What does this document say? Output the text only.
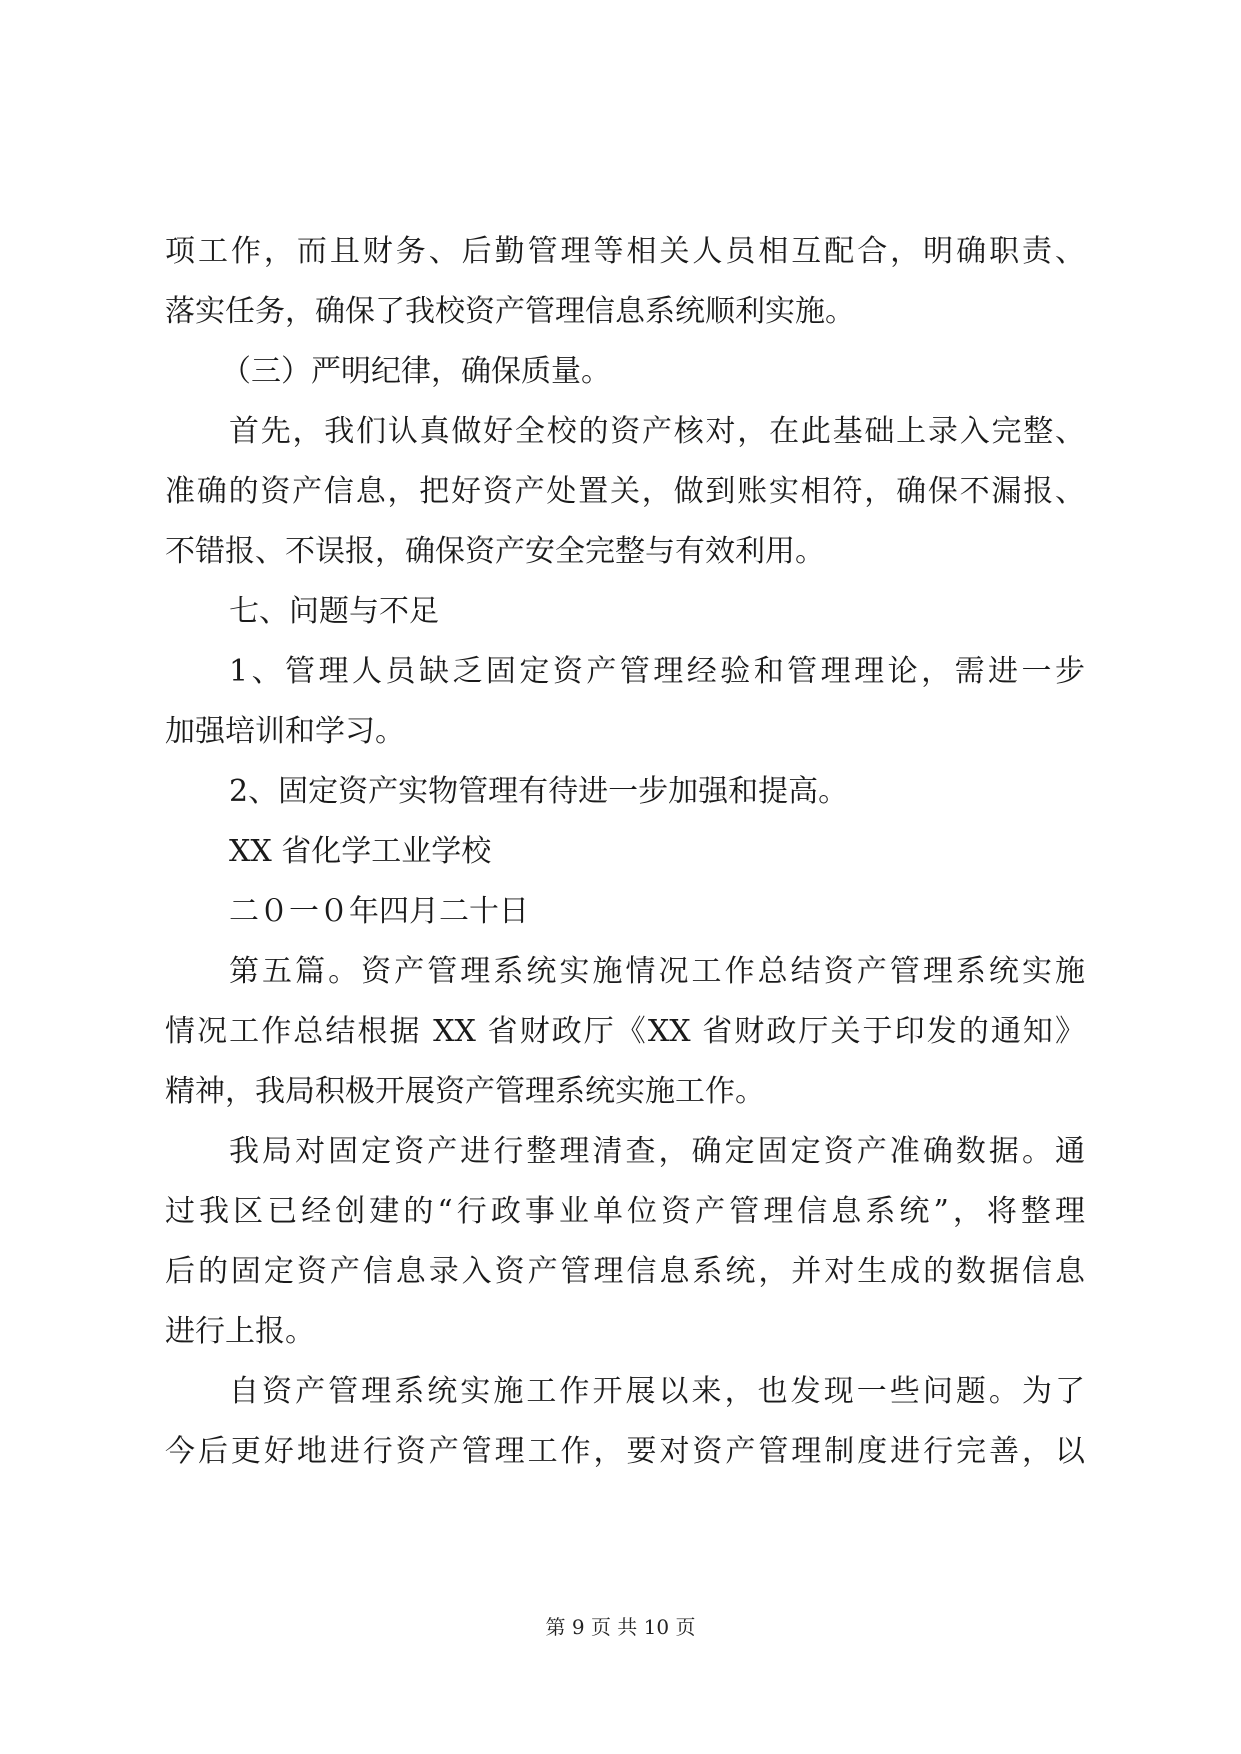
项工作，而且财务、后勤管理等相关人员相互配合，明确职责、
落实任务，确保了我校资产管理信息系统顺利实施。
（三）严明纪律，确保质量。
首先，我们认真做好全校的资产核对，在此基础上录入完整、
准确的资产信息，把好资产处置关，做到账实相符，确保不漏报、
不错报、不误报，确保资产安全完整与有效利用。
七、问题与不足
1、管理人员缺乏固定资产管理经验和管理理论，需进一步
加强培训和学习。
2、固定资产实物管理有待进一步加强和提高。
XX 省化学工业学校
二０一０年四月二十日
第五篇。资产管理系统实施情况工作总结资产管理系统实施
情况工作总结根据 XX 省财政厅《XX 省财政厅关于印发的通知》
精神，我局积极开展资产管理系统实施工作。
我局对固定资产进行整理清查，确定固定资产准确数据。通
过我区已经创建的“行政事业单位资产管理信息系统”，将整理
后的固定资产信息录入资产管理信息系统，并对生成的数据信息
进行上报。
自资产管理系统实施工作开展以来，也发现一些问题。为了
今后更好地进行资产管理工作，要对资产管理制度进行完善，以
第 9 页 共 10 页
